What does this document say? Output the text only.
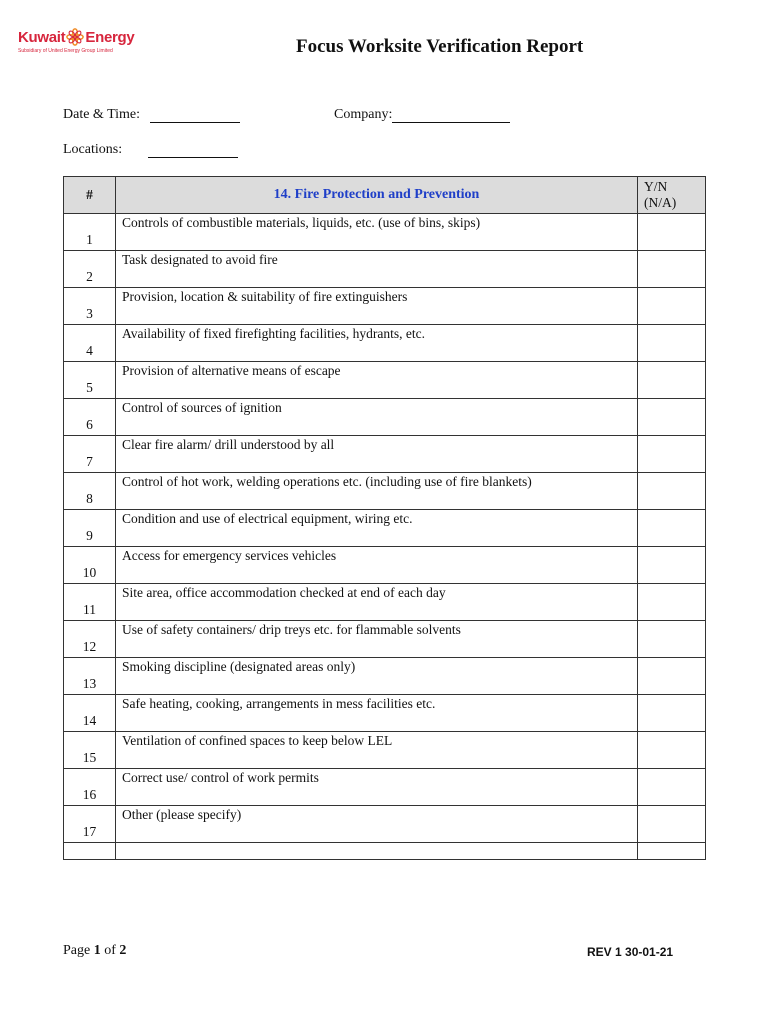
Kuwait Energy
Subsidiary of United Energy Group Limited	Focus Worksite Verification Report
Date & Time:	Company:
Locations:
#	14. Fire Protection and Prevention	Y/N
(N/A)
1	Controls of combustible materials, liquids, etc. (use of bins, skips)	
2	Task designated to avoid fire	
3	Provision, location & suitability of fire extinguishers	
4	Availability of fixed firefighting facilities, hydrants, etc.	
5	Provision of alternative means of escape	
6	Control of sources of ignition	
7	Clear fire alarm/ drill understood by all	
8	Control of hot work, welding operations etc. (including use of fire blankets)	
9	Condition and use of electrical equipment, wiring etc.	
10	Access for emergency services vehicles	
11	Site area, office accommodation checked at end of each day	
12	Use of safety containers/ drip treys etc. for flammable solvents	
13	Smoking discipline (designated areas only)	
14	Safe heating, cooking, arrangements in mess facilities etc.	
15	Ventilation of confined spaces to keep below LEL	
16	Correct use/ control of work permits	
17	Other (please specify)	

Page 1 of 2	REV 1 30-01-21
